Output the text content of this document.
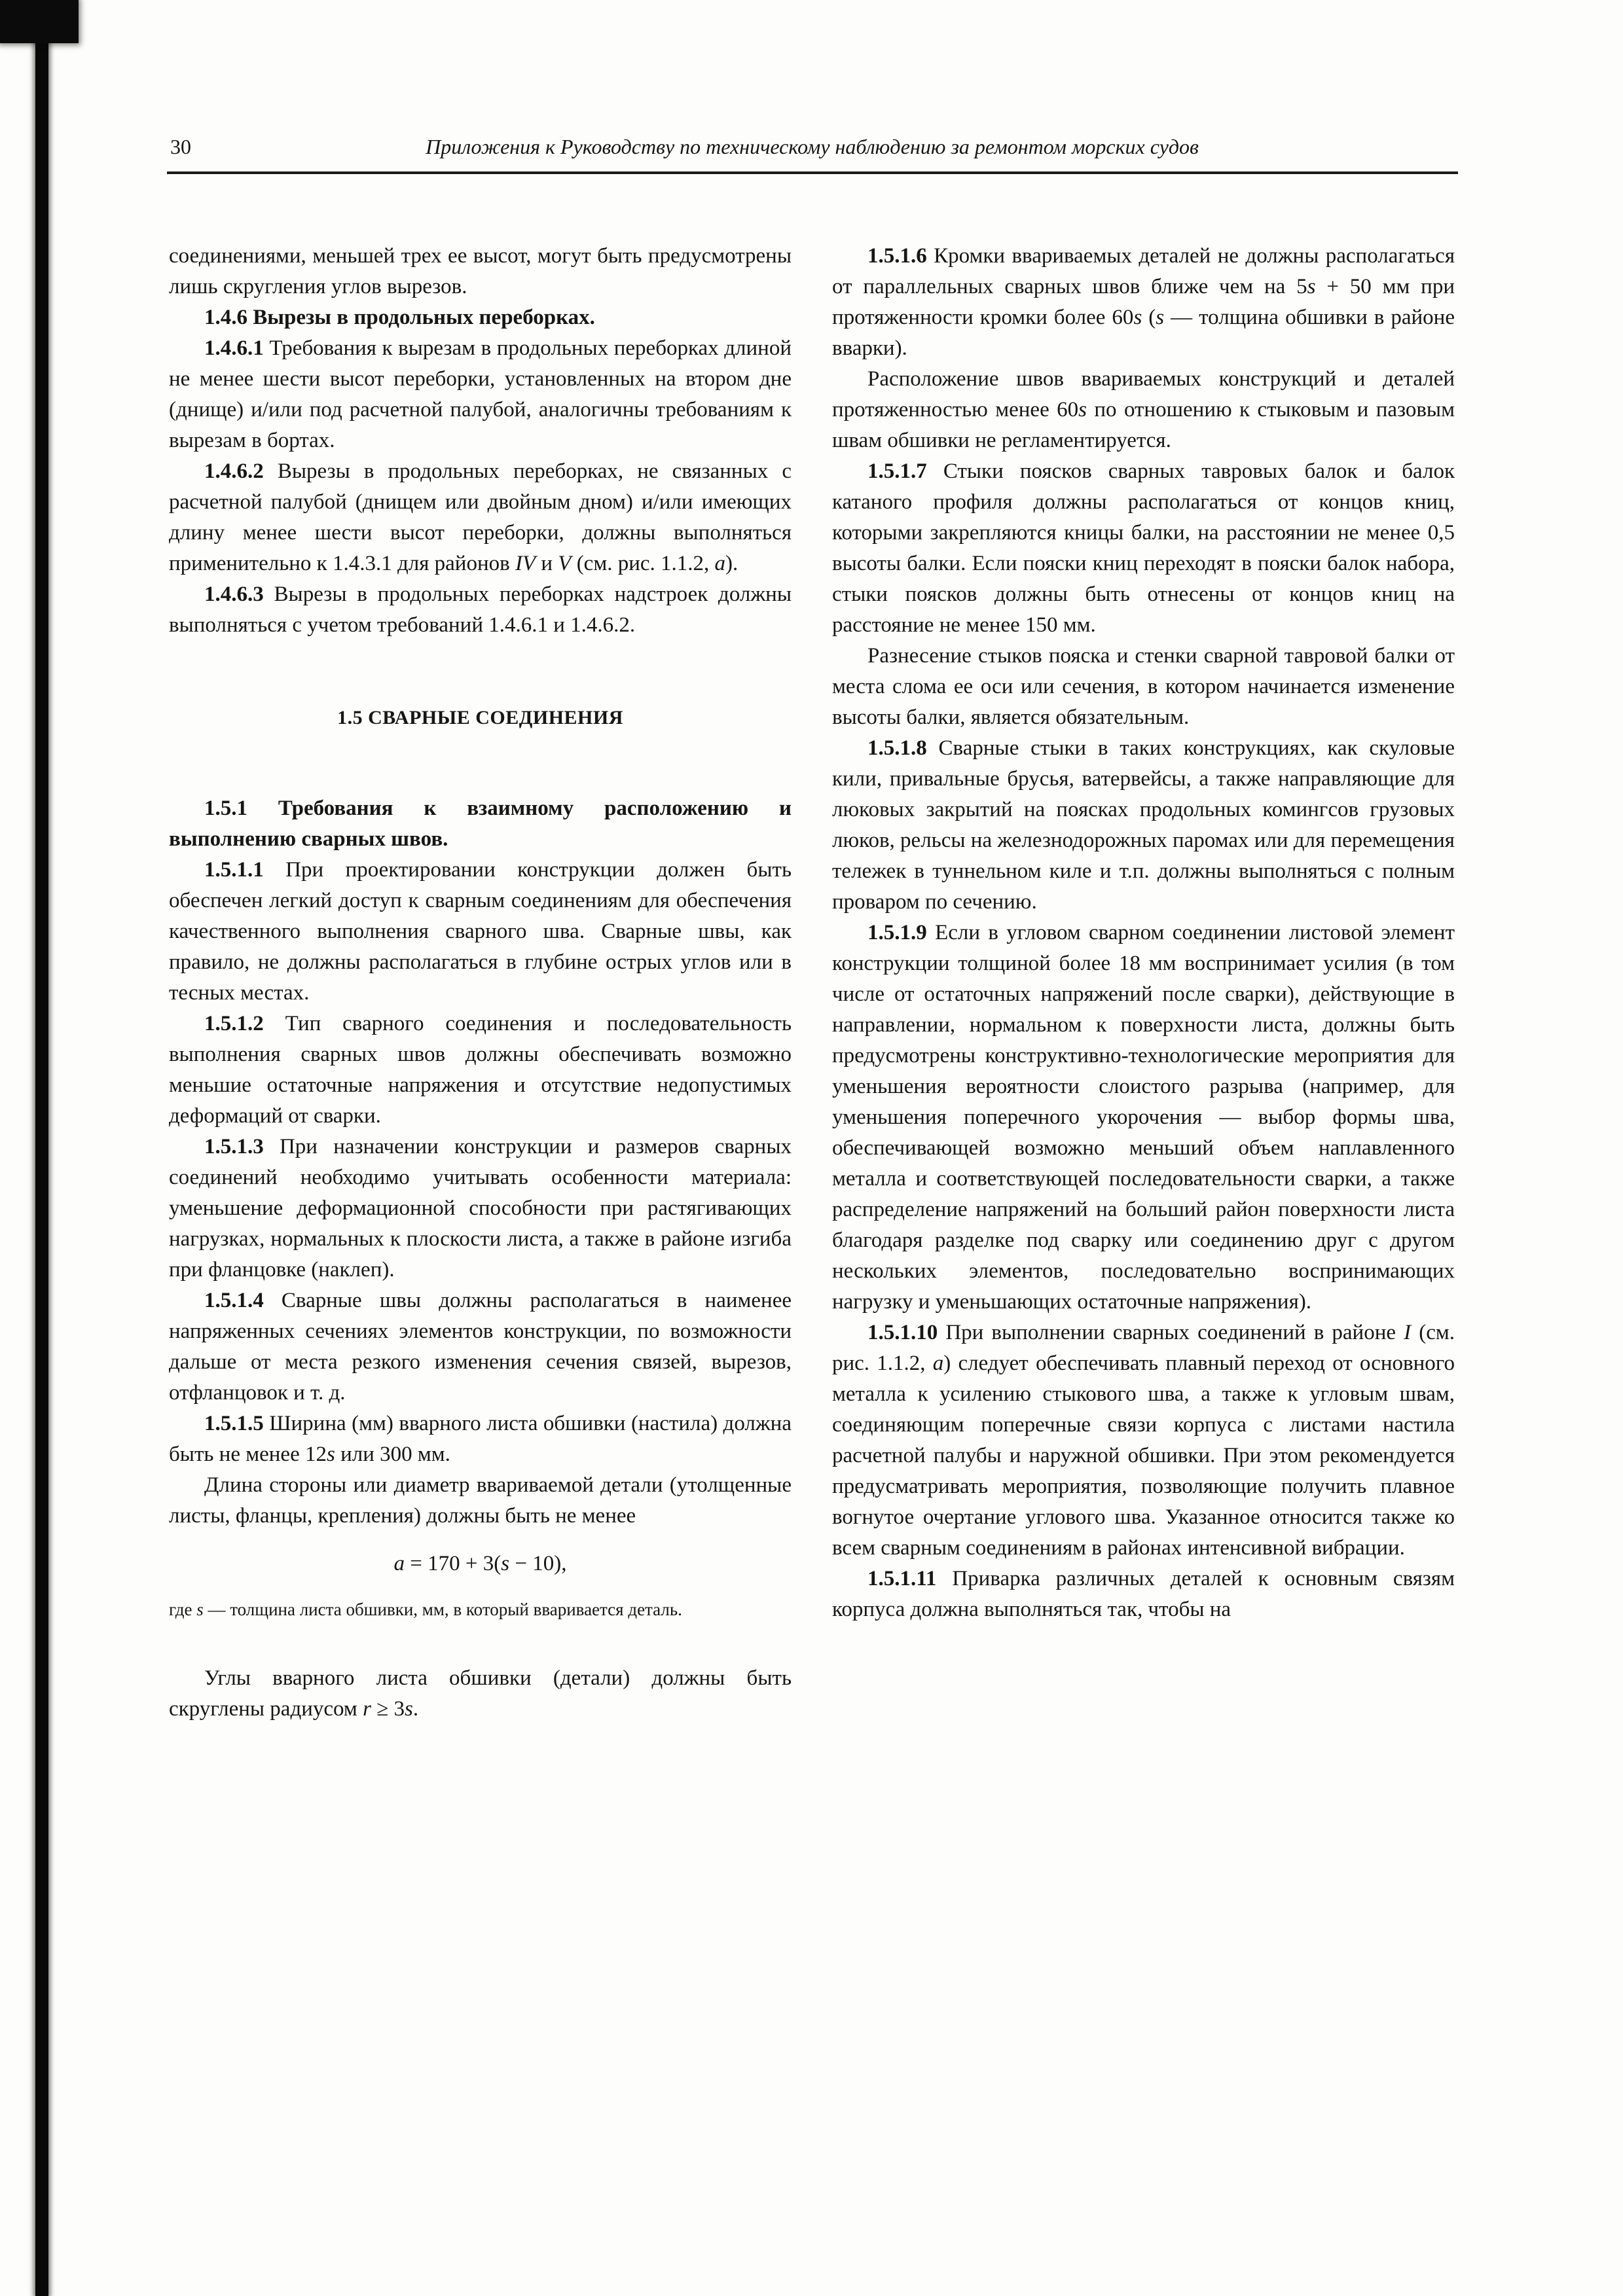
30	Приложения к Руководству по техническому наблюдению за ремонтом морских судов
соединениями, меньшей трех ее высот, могут быть предусмотрены лишь скругления углов вырезов.
1.4.6 Вырезы в продольных переборках.
1.4.6.1 Требования к вырезам в продольных переборках длиной не менее шести высот переборки, установленных на втором дне (днище) и/или под расчетной палубой, аналогичны требованиям к вырезам в бортах.
1.4.6.2 Вырезы в продольных переборках, не связанных с расчетной палубой (днищем или двойным дном) и/или имеющих длину менее шести высот переборки, должны выполняться применительно к 1.4.3.1 для районов IV и V (см. рис. 1.1.2, а).
1.4.6.3 Вырезы в продольных переборках надстроек должны выполняться с учетом требований 1.4.6.1 и 1.4.6.2.
1.5 СВАРНЫЕ СОЕДИНЕНИЯ
1.5.1 Требования к взаимному расположению и выполнению сварных швов.
1.5.1.1 При проектировании конструкции должен быть обеспечен легкий доступ к сварным соединениям для обеспечения качественного выполнения сварного шва. Сварные швы, как правило, не должны располагаться в глубине острых углов или в тесных местах.
1.5.1.2 Тип сварного соединения и последовательность выполнения сварных швов должны обеспечивать возможно меньшие остаточные напряжения и отсутствие недопустимых деформаций от сварки.
1.5.1.3 При назначении конструкции и размеров сварных соединений необходимо учитывать особенности материала: уменьшение деформационной способности при растягивающих нагрузках, нормальных к плоскости листа, а также в районе изгиба при фланцовке (наклеп).
1.5.1.4 Сварные швы должны располагаться в наименее напряженных сечениях элементов конструкции, по возможности дальше от места резкого изменения сечения связей, вырезов, отфланцовок и т. д.
1.5.1.5 Ширина (мм) вварного листа обшивки (настила) должна быть не менее 12s или 300 мм.
Длина стороны или диаметр ввариваемой детали (утолщенные листы, фланцы, крепления) должны быть не менее
a = 170 + 3(s − 10),
где s — толщина листа обшивки, мм, в который вваривается деталь.
Углы вварного листа обшивки (детали) должны быть скруглены радиусом r ≥ 3s.
1.5.1.6 Кромки ввариваемых деталей не должны располагаться от параллельных сварных швов ближе чем на 5s + 50 мм при протяженности кромки более 60s (s — толщина обшивки в районе вварки).
Расположение швов ввариваемых конструкций и деталей протяженностью менее 60s по отношению к стыковым и пазовым швам обшивки не регламентируется.
1.5.1.7 Стыки поясков сварных тавровых балок и балок катаного профиля должны располагаться от концов книц, которыми закрепляются кницы балки, на расстоянии не менее 0,5 высоты балки. Если пояски книц переходят в пояски балок набора, стыки поясков должны быть отнесены от концов книц на расстояние не менее 150 мм.
Разнесение стыков пояска и стенки сварной тавровой балки от места слома ее оси или сечения, в котором начинается изменение высоты балки, является обязательным.
1.5.1.8 Сварные стыки в таких конструкциях, как скуловые кили, привальные брусья, ватервейсы, а также направляющие для люковых закрытий на поясках продольных комингсов грузовых люков, рельсы на железнодорожных паромах или для перемещения тележек в туннельном киле и т.п. должны выполняться с полным проваром по сечению.
1.5.1.9 Если в угловом сварном соединении листовой элемент конструкции толщиной более 18 мм воспринимает усилия (в том числе от остаточных напряжений после сварки), действующие в направлении, нормальном к поверхности листа, должны быть предусмотрены конструктивно-технологические мероприятия для уменьшения вероятности слоистого разрыва (например, для уменьшения поперечного укорочения — выбор формы шва, обеспечивающей возможно меньший объем наплавленного металла и соответствующей последовательности сварки, а также распределение напряжений на больший район поверхности листа благодаря разделке под сварку или соединению друг с другом нескольких элементов, последовательно воспринимающих нагрузку и уменьшающих остаточные напряжения).
1.5.1.10 При выполнении сварных соединений в районе I (см. рис. 1.1.2, а) следует обеспечивать плавный переход от основного металла к усилению стыкового шва, а также к угловым швам, соединяющим поперечные связи корпуса с листами настила расчетной палубы и наружной обшивки. При этом рекомендуется предусматривать мероприятия, позволяющие получить плавное вогнутое очертание углового шва. Указанное относится также ко всем сварным соединениям в районах интенсивной вибрации.
1.5.1.11 Приварка различных деталей к основным связям корпуса должна выполняться так, чтобы на
